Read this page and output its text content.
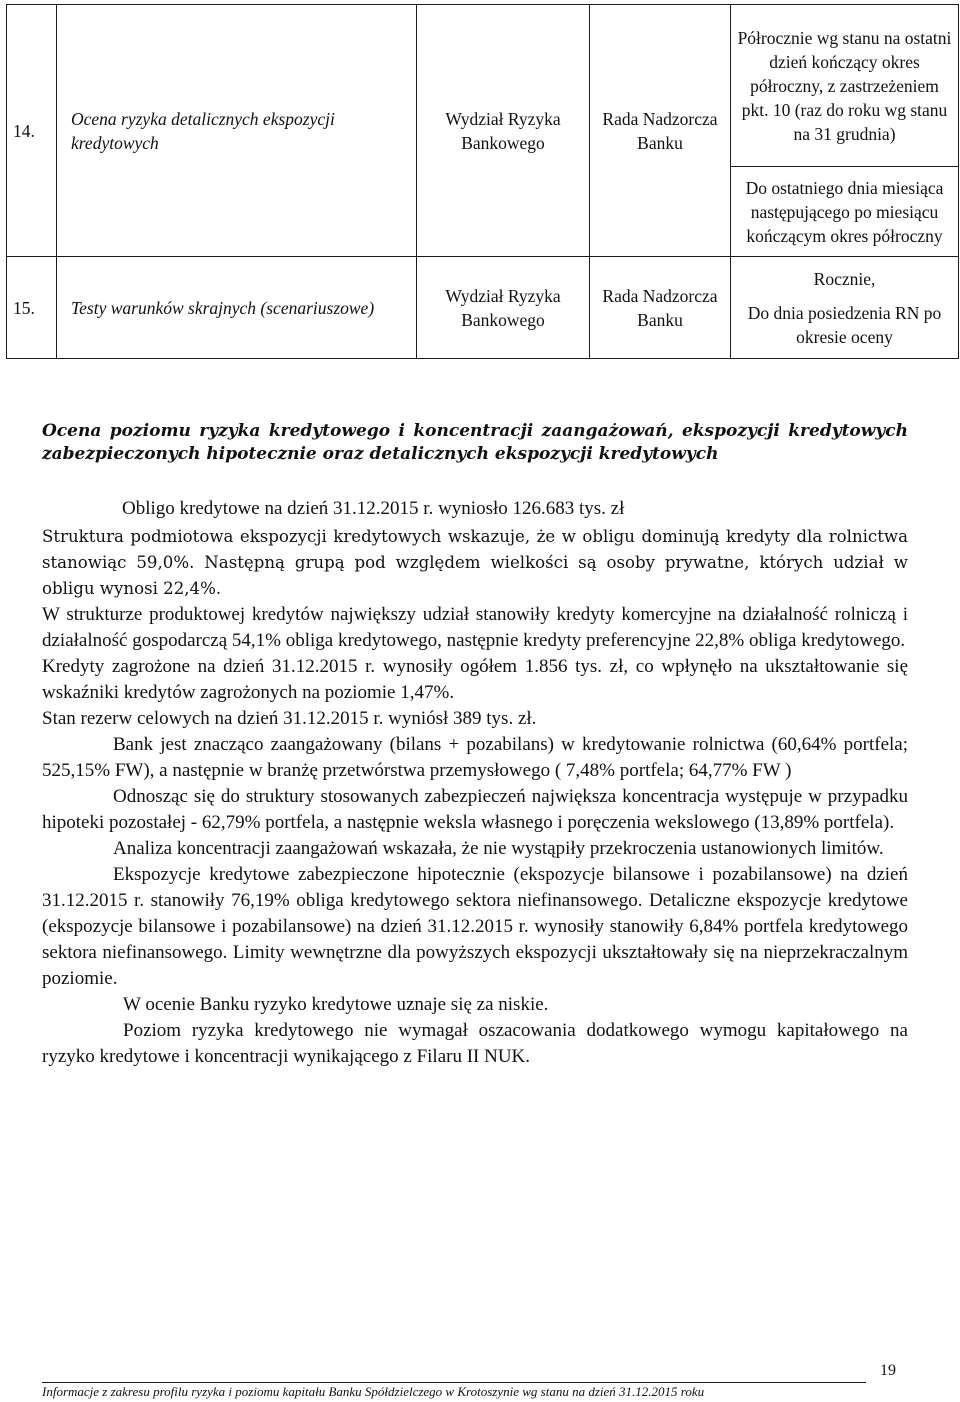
14.	Ocena ryzyka detalicznych ekspozycji kredytowych	Wydział Ryzyka Bankowego	Rada Nadzorcza Banku	Półrocznie wg stanu na ostatni dzień kończący okres półroczny, z zastrzeżeniem pkt. 10 (raz do roku wg stanu na 31 grudnia)
				Do ostatniego dnia miesiąca następującego po miesiącu kończącym okres półroczny
15.	Testy warunków skrajnych (scenariuszowe)	Wydział Ryzyka Bankowego	Rada Nadzorcza Banku	Rocznie,
Do dnia posiedzenia RN po okresie oceny

Ocena poziomu ryzyka kredytowego i koncentracji zaangażowań, ekspozycji kredytowych zabezpieczonych hipotecznie oraz detalicznych ekspozycji kredytowych

Obligo kredytowe na dzień 31.12.2015 r. wyniosło 126.683 tys. zł

Struktura podmiotowa ekspozycji kredytowych wskazuje, że w obligu dominują kredyty dla rolnictwa stanowiąc 59,0%. Następną grupą pod względem wielkości są osoby prywatne, których udział w obligu wynosi 22,4%.

W strukturze produktowej kredytów największy udział stanowiły kredyty komercyjne na działalność rolniczą i działalność gospodarczą 54,1% obliga kredytowego, następnie kredyty preferencyjne 22,8% obliga kredytowego.

Kredyty zagrożone na dzień 31.12.2015 r. wynosiły ogółem 1.856 tys. zł, co wpłynęło na ukształtowanie się wskaźniki kredytów zagrożonych na poziomie 1,47%.

Stan rezerw celowych na dzień 31.12.2015 r. wyniósł 389 tys. zł.

Bank jest znacząco zaangażowany (bilans + pozabilans) w kredytowanie rolnictwa (60,64% portfela; 525,15% FW), a następnie w branżę przetwórstwa przemysłowego ( 7,48% portfela; 64,77% FW )

Odnosząc się do struktury stosowanych zabezpieczeń największa koncentracja występuje w przypadku hipoteki pozostałej - 62,79% portfela, a następnie weksla własnego i poręczenia wekslowego (13,89% portfela).

Analiza koncentracji zaangażowań wskazała, że nie wystąpiły przekroczenia ustanowionych limitów.

Ekspozycje kredytowe zabezpieczone hipotecznie (ekspozycje bilansowe i pozabilansowe) na dzień 31.12.2015 r. stanowiły 76,19% obliga kredytowego sektora niefinansowego. Detaliczne ekspozycje kredytowe (ekspozycje bilansowe i pozabilansowe) na dzień 31.12.2015 r. wynosiły stanowiły 6,84% portfela kredytowego sektora niefinansowego. Limity wewnętrzne dla powyższych ekspozycji ukształtowały się na nieprzekraczalnym poziomie.

W ocenie Banku ryzyko kredytowe uznaje się za niskie.

Poziom ryzyka kredytowego nie wymagał oszacowania dodatkowego wymogu kapitałowego na ryzyko kredytowe i koncentracji wynikającego z Filaru II NUK.

19
Informacje z zakresu profilu ryzyka i poziomu kapitału Banku Spółdzielczego w Krotoszynie wg stanu na dzień 31.12.2015 roku
